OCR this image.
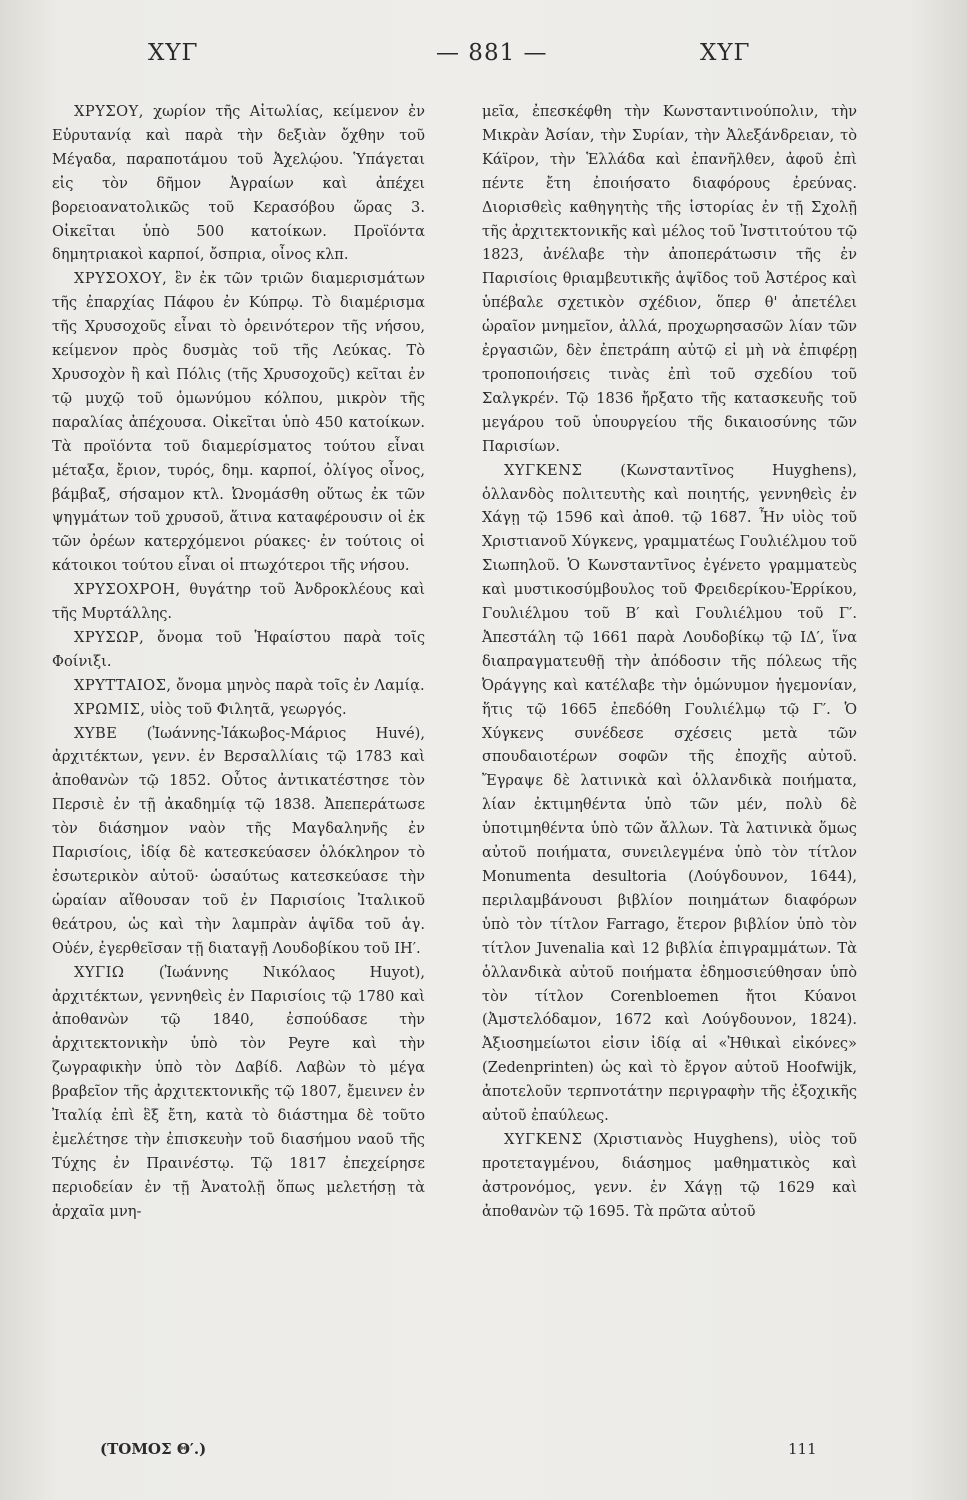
ΧΥΓ	— 881 —	ΧΥΓ

ΧΡΥΣΟΥ, χωρίον τῆς Αἰτωλίας, κείμενον ἐν Εὐρυτανίᾳ καὶ παρὰ τὴν δεξιὰν ὄχθην τοῦ Μέγαδα, παραποτάμου τοῦ Ἀχελῴου. Ὑπάγεται εἰς τὸν δῆμον Ἀγραίων καὶ ἀπέχει βορειοανατολικῶς τοῦ Κερασόβου ὥρας 3. Οἰκεῖται ὑπὸ 500 κατοίκων. Προϊόντα δημητριακοὶ καρποί, ὄσπρια, οἶνος κλπ.

ΧΡΥΣΟΧΟΥ, ἓν ἐκ τῶν τριῶν διαμερισμάτων τῆς ἐπαρχίας Πάφου ἐν Κύπρῳ. Τὸ διαμέρισμα τῆς Χρυσοχοῦς εἶναι τὸ ὀρεινότερον τῆς νήσου, κείμενον πρὸς δυσμὰς τοῦ τῆς Λεύκας. Τὸ Χρυσοχὸν ἢ καὶ Πόλις (τῆς Χρυσοχοῦς) κεῖται ἐν τῷ μυχῷ τοῦ ὁμωνύμου κόλπου, μικρὸν τῆς παραλίας ἀπέχουσα. Οἰκεῖται ὑπὸ 450 κατοίκων. Τὰ προϊόντα τοῦ διαμερίσματος τούτου εἶναι μέταξα, ἔριον, τυρός, δημ. καρποί, ὀλίγος οἶνος, βάμβαξ, σήσαμον κτλ. Ὠνομάσθη οὕτως ἐκ τῶν ψηγμάτων τοῦ χρυσοῦ, ἅτινα καταφέρουσιν οἱ ἐκ τῶν ὀρέων κατερχόμενοι ρύακες· ἐν τούτοις οἱ κάτοικοι τούτου εἶναι οἱ πτωχότεροι τῆς νήσου.

ΧΡΥΣΟΧΡΟΗ, θυγάτηρ τοῦ Ἀνδροκλέους καὶ τῆς Μυρτάλλης.

ΧΡΥΣΩΡ, ὄνομα τοῦ Ἡφαίστου παρὰ τοῖς Φοίνιξι.

ΧΡΥΤΤΑΙΟΣ, ὄνομα μηνὸς παρὰ τοῖς ἐν Λαμίᾳ.

ΧΡΩΜΙΣ, υἱὸς τοῦ Φιλητᾶ, γεωργός.

ΧΥΒΕ (Ἰωάννης-Ἰάκωβος-Μάριος Huvé), ἀρχιτέκτων, γενν. ἐν Βερσαλλίαις τῷ 1783 καὶ ἀποθανὼν τῷ 1852. Οὗτος ἀντικατέστησε τὸν Περσιὲ ἐν τῇ ἀκαδημίᾳ τῷ 1838. Ἀπεπεράτωσε τὸν διάσημον ναὸν τῆς Μαγδαληνῆς ἐν Παρισίοις, ἰδίᾳ δὲ κατεσκεύασεν ὁλόκληρον τὸ ἐσωτερικὸν αὐτοῦ· ὡσαύτως κατεσκεύασε τὴν ὡραίαν αἴθουσαν τοῦ ἐν Παρισίοις Ἰταλικοῦ θεάτρου, ὡς καὶ τὴν λαμπρὰν ἁψῖδα τοῦ ἁγ. Οὐέν, ἐγερθεῖσαν τῇ διαταγῇ Λουδοβίκου τοῦ ΙΗ′.

ΧΥΓΙΩ (Ἰωάννης Νικόλαος Huyot), ἀρχιτέκτων, γεννηθεὶς ἐν Παρισίοις τῷ 1780 καὶ ἀποθανὼν τῷ 1840, ἐσπούδασε τὴν ἀρχιτεκτονικὴν ὑπὸ τὸν Peyre καὶ τὴν ζωγραφικὴν ὑπὸ τὸν Δαβίδ. Λαβὼν τὸ μέγα βραβεῖον τῆς ἀρχιτεκτονικῆς τῷ 1807, ἔμεινεν ἐν Ἰταλίᾳ ἐπὶ ἓξ ἔτη, κατὰ τὸ διάστημα δὲ τοῦτο ἐμελέτησε τὴν ἐπισκευὴν τοῦ διασήμου ναοῦ τῆς Τύχης ἐν Πραινέστῳ. Τῷ 1817 ἐπεχείρησε περιοδείαν ἐν τῇ Ἀνατολῇ ὅπως μελετήσῃ τὰ ἀρχαῖα μνη-

μεῖα, ἐπεσκέφθη τὴν Κωνσταντινούπολιν, τὴν Μικρὰν Ἀσίαν, τὴν Συρίαν, τὴν Ἀλεξάνδρειαν, τὸ Κάϊρον, τὴν Ἑλλάδα καὶ ἐπανῆλθεν, ἀφοῦ ἐπὶ πέντε ἔτη ἐποιήσατο διαφόρους ἐρεύνας. Διορισθεὶς καθηγητὴς τῆς ἱστορίας ἐν τῇ Σχολῇ τῆς ἀρχιτεκτονικῆς καὶ μέλος τοῦ Ἰνστιτούτου τῷ 1823, ἀνέλαβε τὴν ἀποπεράτωσιν τῆς ἐν Παρισίοις θριαμβευτικῆς ἁψῖδος τοῦ Ἀστέρος καὶ ὑπέβαλε σχετικὸν σχέδιον, ὅπερ θ' ἀπετέλει ὡραῖον μνημεῖον, ἀλλά, προχωρησασῶν λίαν τῶν ἐργασιῶν, δὲν ἐπετράπη αὐτῷ εἰ μὴ νὰ ἐπιφέρῃ τροποποιήσεις τινὰς ἐπὶ τοῦ σχεδίου τοῦ Σαλγκρέν. Τῷ 1836 ἤρξατο τῆς κατασκευῆς τοῦ μεγάρου τοῦ ὑπουργείου τῆς δικαιοσύνης τῶν Παρισίων.

ΧΥΓΚΕΝΣ (Κωνσταντῖνος Huyghens), ὁλλανδὸς πολιτευτὴς καὶ ποιητής, γεννηθεὶς ἐν Χάγῃ τῷ 1596 καὶ ἀποθ. τῷ 1687. Ἦν υἱὸς τοῦ Χριστιανοῦ Χύγκενς, γραμματέως Γουλιέλμου τοῦ Σιωπηλοῦ. Ὁ Κωνσταντῖνος ἐγένετο γραμματεὺς καὶ μυστικοσύμβουλος τοῦ Φρειδερίκου-Ἑρρίκου, Γουλιέλμου τοῦ Β′ καὶ Γουλιέλμου τοῦ Γ′. Ἀπεστάλη τῷ 1661 παρὰ Λουδοβίκῳ τῷ ΙΔ′, ἵνα διαπραγματευθῇ τὴν ἀπόδοσιν τῆς πόλεως τῆς Ὀράγγης καὶ κατέλαβε τὴν ὁμώνυμον ἡγεμονίαν, ἥτις τῷ 1665 ἐπεδόθη Γουλιέλμῳ τῷ Γ′. Ὁ Χύγκενς συνέδεσε σχέσεις μετὰ τῶν σπουδαιοτέρων σοφῶν τῆς ἐποχῆς αὐτοῦ. Ἔγραψε δὲ λατινικὰ καὶ ὁλλανδικὰ ποιήματα, λίαν ἐκτιμηθέντα ὑπὸ τῶν μέν, πολὺ δὲ ὑποτιμηθέντα ὑπὸ τῶν ἄλλων. Τὰ λατινικὰ ὅμως αὐτοῦ ποιήματα, συνειλεγμένα ὑπὸ τὸν τίτλον Monumenta desultoria (Λούγδουνον, 1644), περιλαμβάνουσι βιβλίον ποιημάτων διαφόρων ὑπὸ τὸν τίτλον Farrago, ἕτερον βιβλίον ὑπὸ τὸν τίτλον Juvenalia καὶ 12 βιβλία ἐπιγραμμάτων. Τὰ ὁλλανδικὰ αὐτοῦ ποιήματα ἐδημοσιεύθησαν ὑπὸ τὸν τίτλον Corenbloemen ἤτοι Κύανοι (Ἀμστελόδαμον, 1672 καὶ Λούγδουνον, 1824). Ἀξιοσημείωτοι εἰσιν ἰδίᾳ αἱ «Ἠθικαὶ εἰκόνες» (Zedenprinten) ὡς καὶ τὸ ἔργον αὐτοῦ Hoofwijk, ἀποτελοῦν τερπνοτάτην περιγραφὴν τῆς ἐξοχικῆς αὐτοῦ ἐπαύλεως.

ΧΥΓΚΕΝΣ (Χριστιανὸς Huyghens), υἱὸς τοῦ προτεταγμένου, διάσημος μαθηματικὸς καὶ ἀστρονόμος, γενν. ἐν Χάγῃ τῷ 1629 καὶ ἀποθανὼν τῷ 1695. Τὰ πρῶτα αὐτοῦ

(ΤΟΜΟΣ Θ′.)	111
